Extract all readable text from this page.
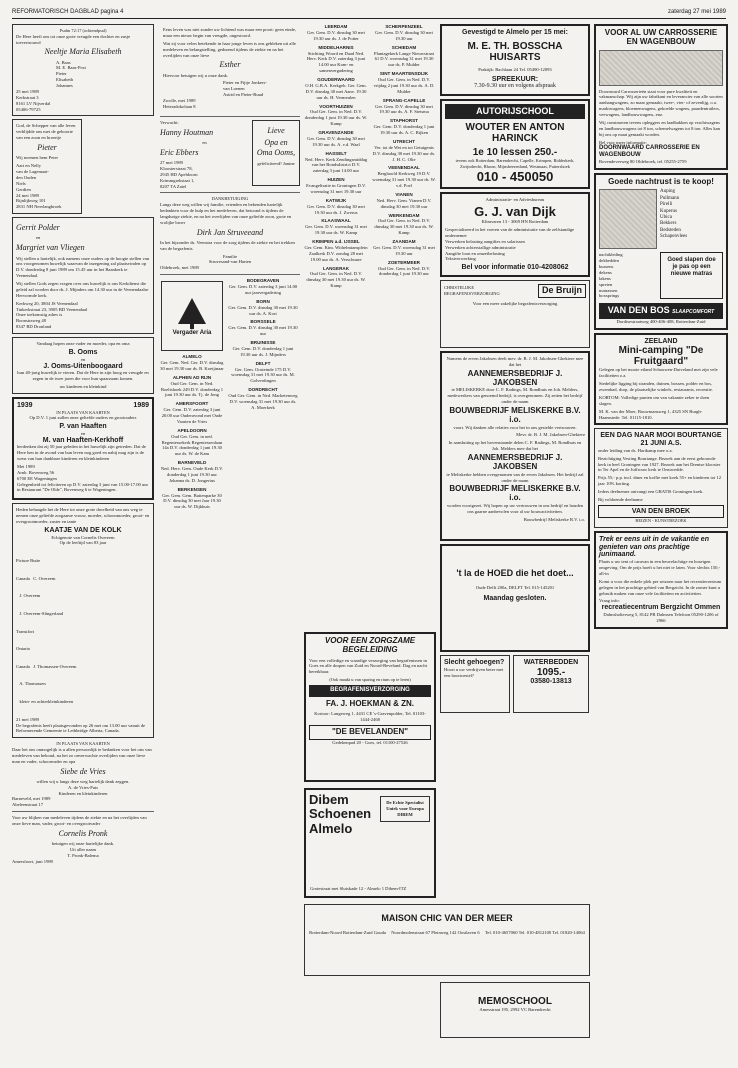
REFORMATORISCH DAGBLAD pagina 4	zaterdag 27 mei 1989
Psalm 72:17 (ochtendpsal)
De Here heeft ons tot onze grote vreugde een dochter en zusje toevertrouwd
Neeltje Maria Elisabeth
A. Baas
M. E. Baas-Post
Pieter
Elisabeth
Johannes
25 mei 1989
Kerkstraat 3
8161 LV Nijverdal
05406-79725
God, de Schepper van alle leven verblijdde ons met de geboorte van een zoon en broertje
Pieter
Wij noemen hem Peter
Aart en Nelly
van de Lagemaat-
den Ouden
Niels
Gerdien
24 mei 1989
Rijnlijkweg 101
2831 NH Neerlangbroek
Gerrit Polder
en
Margriet van Vliegen
Wij stellen u hartelijk, ook namens onze ouders op de hoogte stellen van ons voorgenomen huwelijk waarvan de inzegening zal plaatsvinden op D.V. donderdag 8 juni 1989 om 15.45 uur in het Baankerk te Veenendaal.
Wij stellen Gods zegen vragen over ons huwelijk is ons Kerkdienst die geleid zal worden door ds. J. Mijnders om 14.30 uur in de Veenendaalse Hervormde kerk.
Kerkweg 20, 3804 JS Veenendaal
Tinkerkstraat 23, 3905 BD Veenendaal
Onze toekomstig adres is
Boonstraweg 48
8347 BD Dronland
Vandaag hopen onze vader en moeder, opa en oma
B. Ooms
en
J. Ooms-Uitenboogaard
hun 40-jarig huwelijk te vieren. Dat de Here in zijn hoog en vreugde en zegen in de twee jaren die voor hun spaarzaam komen.
uw kinderen en kleinkind
1939	1989
IN PLAATS VAN KAARTEN
Op D.V. 1 juni zullen onze geliefde ouders en grootouders
P. van Haaften
en
M. van Haaften-Kerkhoff
herdenken dat zij 50 jaar geleden in het huwelijk zijn getreden. Dat de Here hen in de avond van hun leven nog goed en nabij mag zijn is de wens van hun dankbare kinderen en kleinkinderen
Mei 1989
Arnh. Bovenweg 56
6700 EE Wageningen
Gelegenheid tot feliciteren op D.V. zaterdag 3 juni van 15.00-17.00 uur in Restaurant "De Olde", Bovenweg 6 te Wageningen.
Heden behaagde het de Here tot onze grote droefheid van ons weg te nemen onze geliefde zorgzame vrouw, moeder, schoonmoeder, groot- en overgrootmoeder, zuster en tante
KAATJE VAN DE KOLK
Echtgenote van Cornelis Overeem
Op de leeftijd van 83 jaar

Picture Butte

Canada   C. Overeem

J. Overeem

J. Overeem-Slingerland

Transtfort

Ontario

Canada   J. Thomassen-Overeem

A. Thomassen

klein- en achterkleinkinderen

21 mei 1989
De begrafenis heeft plaatsgevonden op 26 mei om 13.00 uur vanuit de Reformerende Gemeente te Lethbridge Alberta, Canada.
IN PLAATS VAN KAARTEN
Daar het ons onmogelijk is u allen persoonlijk te bedanken voor het ons van medeleven van behoud, na het zo onverwachte overlijden van onze lieve man en vader, schoonvader en opa
Siebe de Vries
willen wij u langs deze weg hartelijk dank zeggen.
A. de Vries-Pais
Kinderen en kleinkinderen
Barneveld, mei 1989
Abeleenstraat 17
Voor uw blijken van medeleven tijdens de ziekte en na het overlijden van onze lieve man, vader, groot- en overgrootvader
Cornelis Pronk
betuigen wij onze hartelijke dank.
Uit aller naam
T. Pronk-Balema
Amersfoort, juni 1989
Eens leven was niet zonder uw lichtend was maar een poort: geen einde, maar een nieuw begin van vreugde, ongestoord.
Wat zij voor velen betekende in haar jonge leven is ons gebleken uit alle medeleven en belangstelling, gedurend tijdens de ziekte en na het overlijden van onze lieve
Esther
Hiervoor betuigen wij u onze dank.
Pieter en Fijtje Jonkers-
van Loenen
Astrid en Pieter-Ruud
Zwolle, mei 1989
Heteradokolaan 8
Verwacht:
Hanny Houtman
en
Eric Ebbers
27 mei 1989
Kloosterstraat 78,
2945 HD Apeldoorn
Krimmgrekstaat 1,
8207 TA Zaiel
Lieve
Opa en Oma Ooms,
gefeliciteerd! Janine
DANKBETUIGING
Langs deze weg willen wij familie, vrienden en bekenden hartelijk bedankten voor de hulp en het medeleven, dat betoond is tijdens de langdurige ziekte, en na het overlijden van onze geliefde zoon, grote en vrolijke broer
Dirk Jan Struveeand
In het bijzonder ds. Veenstra voor de zorg tijdens de ziekte en het trekken van de begrafenis.
Familie
Struvesand-van Harten
Oldebroek, mei 1989
Vergader Aria
ALMELO
Ger. Gem. Ned. Ger. D.V. dinsdag 30 mei 19.30 uur ds. B. Koeijinaar
ALPHEN AD RIJN
Oud Ger. Gem. in Ned. Boeltshoek 249 D.V. donderdag 1 juni 19.30 uur ds. Tj. de Jong
AMERSFOORT
Ger. Gem. D.V. zaterdag 3 juni 20.00 uur Ouderavond met Oude Vaarten de Vries
APELDOORN
Oud Ger. Gem. in ned. Regentessekerk Regentessenlaan 14a D.V. donderdag 1 juni 19.30 uur ds. W. de Kam
BARNEVELD
Ned. Herv. Gem. Oude Kerk D.V. donderdag 1 juni 19.30 uur Johanna ds. D. Jongerius
BERKENSEN
Ger. Gem. Gem. Buitenparke 30 D.V. dinsdag 30 mei Jaar 19.30 uur ds. W. Dijkhuis
BODEGRAVEN
Ger. Gem. D.V. zaterdag 3 juni 14.00 uur jaarvergadering
BORN
Ger. Gem. D.V. dinsdag 30 mei 19.30 uur ds. A. Kort
BORSSELE
Ger. Gem. D.V. dinsdag 30 mei 19.30 uur
BRUINISSE
Ger. Gem. D.V. donderdag 1 juni 19.30 uur ds. J. Mijnders
DELFT
Ger. Gem. Oosteinde 175 D.V. woensdag 31 mei 19.30 uur ds. M. Golverdingen
DORDRECHT
Oud Ger. Gem. in Ned. Marketenweg D.V. woensdag 31 mei 19.30 uur ds. A. Moerkerk
LEERDAM
Ger. Gem. D.V. dinsdag 30 mei 19.30 uur ds. J. de Potter
MIDDELHARNIS
Stichting Woord en Daad Ned. Herv. Kerk D.V. zaterdag 3 juni 14.00 uur Kom- en samenvergadering
GOUDERWAARD
O.H. G.B.A. Kerkgeb. Ger. Gem. D.V. dinsdag 30 mei Aanv. 19.30 uur ds. H. Vermeulen
VOORTHUIZEN
Oud Ger. Gem. in Ned. D.V. donderdag 1 juni 19.30 uur ds. W. Kamp
GRAVENZANDE
Ger. Gem. D.V. dinsdag 30 mei 19.30 uur ds. A. v.d. Waal
HASSELT
Ned. Herv. Kerk Zendingsmiddag van het Bondsdistrict D.V. zaterdag 3 juni 14.00 uur
HUIZEN
Evangelisatie in Groningen D.V. woensdag 31 mei 19.30 uur
KATWIJK
Ger. Gem. D.V. dinsdag 30 mei 19.30 uur ds. J. Zwerus
KLAASWAAL
Ger. Gem. D.V. woensdag 31 mei 19.30 uur ds. W. Kamp
KRIMPEN a.d. IJSSEL
Ger. Gem. Kim. Withelmiansplein Zaalkerk D.V. zondag 28 mei 19.00 uur ds. A. Verschuure
LANGERAK
Oud Ger. Gem. in Ned. D.V. dinsdag 30 mei 19.30 uur ds. W. Kamp
SCHERPENZEEL
Ger. Gem. D.V. dinsdag 30 mei 19.30 uur
SCHIEDAM
Plantagekerk Lange Nieuwstraat 61 D.V. woensdag 31 mei 19.30 uur ds. P. Mulder
SINT MAARTENSDIJK
Oud Ger. Gem. in Ned. D.V. vrijdag 2 juni 19.30 uur ds. A. D. Mulder
SPRANG-CAPELLE
Ger. Gem. D.V. dinsdag 30 mei 19.30 uur ds. A. F. Sietsma
STAPHORST
Ger. Gem. D.V. donderdag 1 juni 19.30 uur ds. A. C. Rijken
UTRECHT
Ver. tot de Wet en tot Getuigenis D.V. dinsdag 30 mei 19.30 uur ds. J. H. C. Olie
VEENENDAAL
Berghoofd Kerkweg 19 D.V. woensdag 31 mei 19.30 uur ds. W. v.d. Poel
VIANEN
Ned. Herv. Gem. Vianen D.V. dinsdag 30 mei 19.30 uur
WERKENDAM
Oud Ger. Gem. in Ned. D.V. dinsdag 30 mei 19.30 uur ds. W. Kamp
ZAANDAM
Ger. Gem. D.V. woensdag 31 mei 19.30 uur
ZOETERMEER
Oud Ger. Gem. in Ned. D.V. donderdag 1 juni 19.30 uur
VOOR EEN ZORGZAME
BEGELEIDING
Voor een volledige en waardige verzorging van begrafenissen in Goes en alle dorpen van Zuid en Noord-Beveland. Dag en nacht bereikbaar.
(Ook maakt u van sparing en rium op te leren)
BEGRAFENISVERZORGING
FA. J. HOEKMAN & ZN.
Kortoor: Langeweg 1, 4431 CE 's-Gravenpolder, Tel. 01103-1444-2468
"DE BEVELANDEN"
Gedekenpad 20 - Goes, tel. 01100-27526
Dibem Schoenen Almelo
De Echte Specialist Uniek voor Europa DIBEM
Grotestraat met Sluiskade 12 - Almelo 1 Dibem-ITZ
MAISON CHIC VAN DER MEER
Rotterdam-Noord Rotterdam-Zuid Gouda Noordmolenstraat 67 Pleinweg 142 Oostlaven 6 Tel. 010-4657060 Tel. 010-4812100 Tel. 01820-14064
Gevestigd te Almelo per 15 mei:
M. E. TH. BOSSCHA HUISARTS
Praktijk: Bachlaan 24 Tel. 05490-12093
SPREEKUUR:
7.30-9.30 uur en volgens afspraak
AUTORIJSCHOOL
WOUTER EN ANTON HARINCK
1e 10 lessen 250.-
tevens ook Rotterdam, Barendrecht, Capelle, Krimpen, Ridderkerk, Zwijndrecht, Rhoon, Mijnsheerenland, Westmaas, Puttershoek
010 - 450050
Administratie- en Adviesbureau
G. J. van Dijk
Klimvaren 13 - 3069 HN Rotterdam
Gespecialiseerd in het voeren van de administratie van de zelfstandige ondernemer
Verwerken belasting aangiftes en salarissen
Verwerken achterstallige administratie
Aangifte loon en omzetbelasting
Tekstverwerking
Bel voor informatie 010-4208062
CHRISTELIJKE BEGRAFENISVERZORGING	De Bruijn
Voor een meer zakelijke begrafenisverzorging
Namens de erven Jakobsen deelt mev. dr. B. J. M. Jakobsen-Ghekiere mee dat het
AANNEMERSBEDRIJF J. JAKOBSEN
te MELISKERKE door C. F. Radings, M. Rondhuis en Joh. Melders, medewerkers van genoemd bedrijf, is overgenomen. Zij zetten het bedrijf onder de naam
BOUWBEDRIJF MELISKERKE B.V. i.o.
voort. Wij danken alle relaties voor het in ons gestelde vertrouwen.
Mevr. dr. B. J. M. Jakobsen-Ghekiere
In aansluiting op het bovenstaande delen C. F. Radings, M. Rondhuis en Joh. Melders mee dat het
AANNEMERSBEDRIJF J. JAKOBSEN
te Meliskerke hebben overgenomen van de erven Jakobsen. Het bedrijf zal onder de naam
BOUWBEDRIJF MELISKERKE B.V. i.o.
worden voortgezet. Wij hopen op uw vertrouwen in ons bedrijf en houden ons gaarne aanbevolen voor al uw bouwactiviteiten.
Bouwbedrijf Meliskerke B.V. i.o.
't la de HOED die het doet...
Oude Delft 200a, DELFT Tel. 015-145201
Maandag gesloten.
Slecht gehoegen?
Hoort u uw verdrijven beter met een hoortoestel?
WATERBEDDEN
1095.-
03580-13813
MEMOSCHOOL
Amesstraat 195, 2992 VC Barendrecht
VOOR AL UW CARROSSERIE EN WAGENBOUW
Doornward Carrosserieën staat voor pure kwaliteit en vakmanschap. Wij zijn uw fabrikant en leverancier van alle soorten aanhangwagens, zo maar gemaakt, twee-, vier- of zevenlijg, o.a. marktwagens, bloemenwagens, gekoelde wagens, paardentrailers, veewagens, landbouwwagens, enz.
Wij construeren tevens opleggers en laadbakken op vrachtwagens en landbouwwagens tot 8 ton, schemelwagens tot 8 ton. Alles kan bij ons op maat gemaakt worden.
Bel voor meer informatie:
DOORNWAARD CARROSSERIE EN WAGENBOUW
Bovendeverweg 80 Oldebroek, tel. 05255-2759
Goede nachtrust is te koop!
Auping
Pullmann
Pirelli
Kuperus
Ubica
Bekkers
Bedsteden
Schapenvlees
nachtkleding
dekbedden
kussens
dekens
lakens
spreien
matrassen
boxsprings
Goed slapen doe je pas op een nieuwe matras
VAN DEN BOS SLAAPCOMFORT
Dordtsestraatweg 400-406-408, Rotterdam-Zuid
ZEELAND
Mini-camping "De Fruitgaard"
Gelegen op het mooie eiland Schouwen-Duiveland met zijn vele faciliteiten o.a.
Stedelijke ligging bij stranden, duinen, bossen, polder en bos, zwembad, dorp, de plaatselijke winkels, restaurants, recreatie.
KORTOM: Volledige punten om van vakantie zeker te doen slagen.
M. K. van der Moer, Bouwmansweg 1, 4325 SN Burgh-Haamstede. Tel. 01115-1810.
EEN DAG NAAR MOOI BOURTANGE 21 JUNI A.S.
onder leiding van ds. Hartkamp mee o.a.
Bezichtiging Vesting Bourtange. Bezoek aan de eerst gebouwde kerk in heel Groningen van 1927. Bezoek aan het Drentse klooster in Ter Apel en de Juffrouw kerk te Onstwedde.
Prijs 55,- p.p. incl. diner en koffie met koek 55+ en kinderen tot 12 jaar 10% korting.
Ieders deelnemer ontvangt een GRATIS Groningen koek.
Bij voldoende deelname
VAN DEN BROEK
REIZEN - KUNSTBEZOEK
Trek er eens uit in de vakantie en genieten van ons prachtige junimaand.
Plaats u uw tent of caravan in een heuvelachtige en boseigen omgeving. Om de prijs hoeft u het niet te laten. Voor slechts 150,- all-in
Komt u voor die enkele plek per seizoen naar het recreatiecentrum gelegen in het prachtige gebied van Bergzicht. In de zomer kunt u gebruik maken van onze vele faciliteiten en activiteiten.
Vraag info:
recreatiecentrum Bergzicht Ommen
Dalmsholterweg 5, 8142 PB Dalmsen Telefoon 05290-1206 of 2966
